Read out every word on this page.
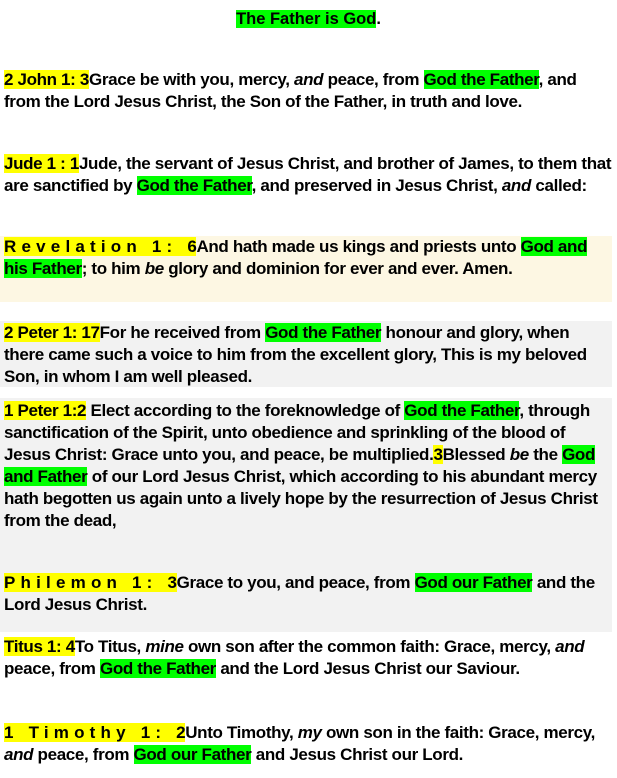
The Father is God.

2 John 1: 3Grace be with you, mercy, and peace, from God the Father, and from the Lord Jesus Christ, the Son of the Father, in truth and love.

Jude 1 : 1Jude, the servant of Jesus Christ, and brother of James, to them that are sanctified by God the Father, and preserved in Jesus Christ, and called:

Revelation 1: 6And hath made us kings and priests unto God and his Father; to him be glory and dominion for ever and ever. Amen.

2 Peter 1: 17For he received from God the Father honour and glory, when there came such a voice to him from the excellent glory, This is my beloved Son, in whom I am well pleased.

1 Peter 1:2 Elect according to the foreknowledge of God the Father, through sanctification of the Spirit, unto obedience and sprinkling of the blood of Jesus Christ: Grace unto you, and peace, be multiplied.3Blessed be the God and Father of our Lord Jesus Christ, which according to his abundant mercy hath begotten us again unto a lively hope by the resurrection of Jesus Christ from the dead,

Philemon 1: 3Grace to you, and peace, from God our Father and the Lord Jesus Christ.

Titus 1: 4To Titus, mine own son after the common faith: Grace, mercy, and peace, from God the Father and the Lord Jesus Christ our Saviour.

1 Timothy 1: 2Unto Timothy, my own son in the faith: Grace, mercy, and peace, from God our Father and Jesus Christ our Lord.
